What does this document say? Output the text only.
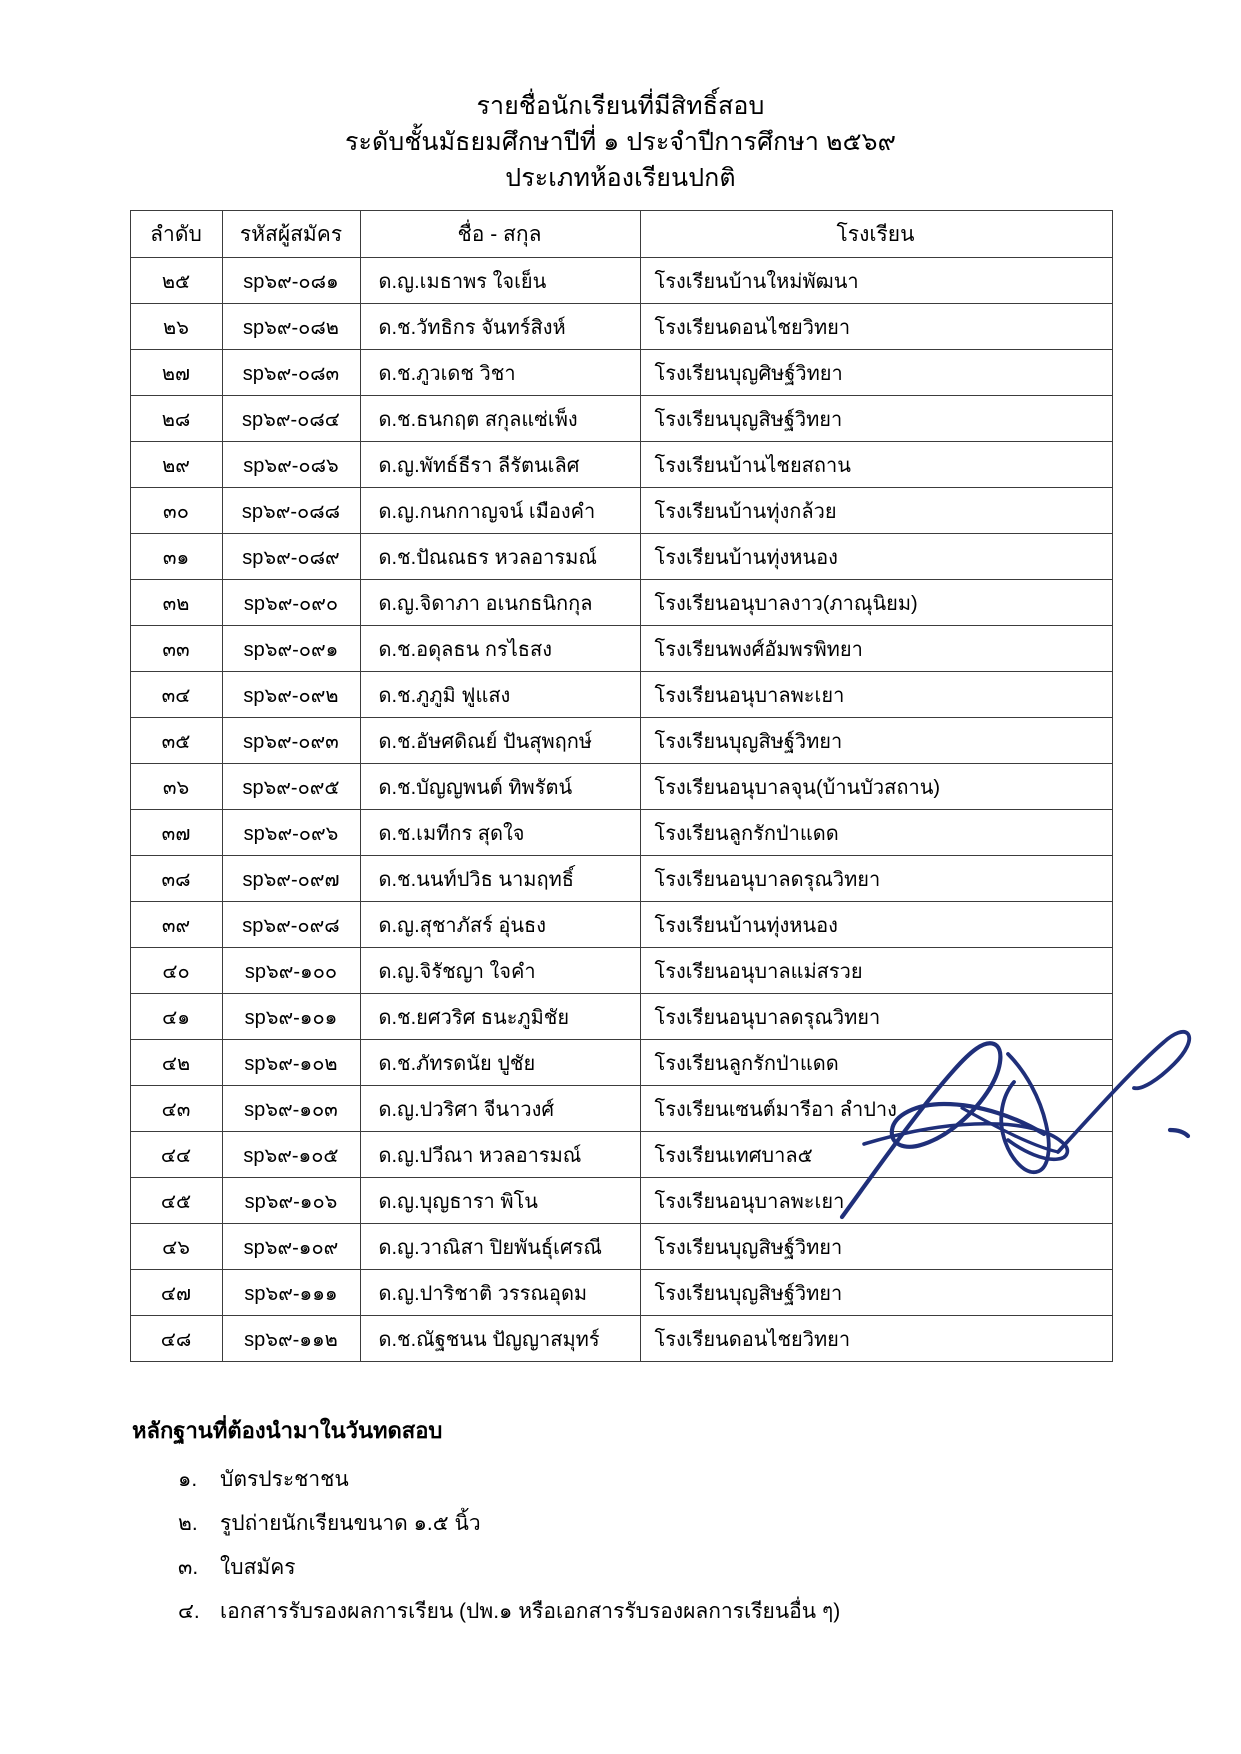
รายชื่อนักเรียนที่มีสิทธิ์สอบ
ระดับชั้นมัธยมศึกษาปีที่ ๑ ประจำปีการศึกษา ๒๕๖๙
ประเภทห้องเรียนปกติ
ลำดับ	รหัสผู้สมัคร	ชื่อ - สกุล	โรงเรียน
๒๕	sp๖๙-๐๘๑	ด.ญ.เมธาพร ใจเย็น	โรงเรียนบ้านใหม่พัฒนา
๒๖	sp๖๙-๐๘๒	ด.ช.วัทธิกร จันทร์สิงห์	โรงเรียนดอนไชยวิทยา
๒๗	sp๖๙-๐๘๓	ด.ช.ภูวเดช วิชา	โรงเรียนบุญศิษฐ์วิทยา
๒๘	sp๖๙-๐๘๔	ด.ช.ธนกฤต สกุลแซ่เพ็ง	โรงเรียนบุญสิษฐ์วิทยา
๒๙	sp๖๙-๐๘๖	ด.ญ.พัทธ์ธีรา ลีรัตนเลิศ	โรงเรียนบ้านไชยสถาน
๓๐	sp๖๙-๐๘๘	ด.ญ.กนกกาญจน์ เมืองคำ	โรงเรียนบ้านทุ่งกล้วย
๓๑	sp๖๙-๐๘๙	ด.ช.ปัณณธร หวลอารมณ์	โรงเรียนบ้านทุ่งหนอง
๓๒	sp๖๙-๐๙๐	ด.ญ.จิดาภา อเนกธนิกกุล	โรงเรียนอนุบาลงาว(ภาณุนิยม)
๓๓	sp๖๙-๐๙๑	ด.ช.อดุลธน กรไธสง	โรงเรียนพงศ์อัมพรพิทยา
๓๔	sp๖๙-๐๙๒	ด.ช.ภูภูมิ ฟูแสง	โรงเรียนอนุบาลพะเยา
๓๕	sp๖๙-๐๙๓	ด.ช.อัษศดิณย์ ปันสุพฤกษ์	โรงเรียนบุญสิษฐ์วิทยา
๓๖	sp๖๙-๐๙๕	ด.ช.บัญญพนต์ ทิพรัตน์	โรงเรียนอนุบาลจุน(บ้านบัวสถาน)
๓๗	sp๖๙-๐๙๖	ด.ช.เมทีกร สุดใจ	โรงเรียนลูกรักป่าแดด
๓๘	sp๖๙-๐๙๗	ด.ช.นนท์ปวิธ นามฤทธิ์	โรงเรียนอนุบาลดรุณวิทยา
๓๙	sp๖๙-๐๙๘	ด.ญ.สุชาภัสร์ อุ่นธง	โรงเรียนบ้านทุ่งหนอง
๔๐	sp๖๙-๑๐๐	ด.ญ.จิรัชญา ใจคำ	โรงเรียนอนุบาลแม่สรวย
๔๑	sp๖๙-๑๐๑	ด.ช.ยศวริศ ธนะภูมิชัย	โรงเรียนอนุบาลดรุณวิทยา
๔๒	sp๖๙-๑๐๒	ด.ช.ภัทรดนัย ปูชัย	โรงเรียนลูกรักป่าแดด
๔๓	sp๖๙-๑๐๓	ด.ญ.ปวริศา จีนาวงศ์	โรงเรียนเซนต์มารีอา ลำปาง
๔๔	sp๖๙-๑๐๕	ด.ญ.ปวีณา หวลอารมณ์	โรงเรียนเทศบาล๕
๔๕	sp๖๙-๑๐๖	ด.ญ.บุญธารา พิโน	โรงเรียนอนุบาลพะเยา
๔๖	sp๖๙-๑๐๙	ด.ญ.วาณิสา ปิยพันธุ์เศรณี	โรงเรียนบุญสิษฐ์วิทยา
๔๗	sp๖๙-๑๑๑	ด.ญ.ปาริชาติ วรรณอุดม	โรงเรียนบุญสิษฐ์วิทยา
๔๘	sp๖๙-๑๑๒	ด.ช.ณัฐชนน ปัญญาสมุทร์	โรงเรียนดอนไชยวิทยา
หลักฐานที่ต้องนำมาในวันทดสอบ
๑.	บัตรประชาชน
๒.	รูปถ่ายนักเรียนขนาด ๑.๕ นิ้ว
๓.	ใบสมัคร
๔. เอกสารรับรองผลการเรียน (ปพ.๑ หรือเอกสารรับรองผลการเรียนอื่น ๆ)
